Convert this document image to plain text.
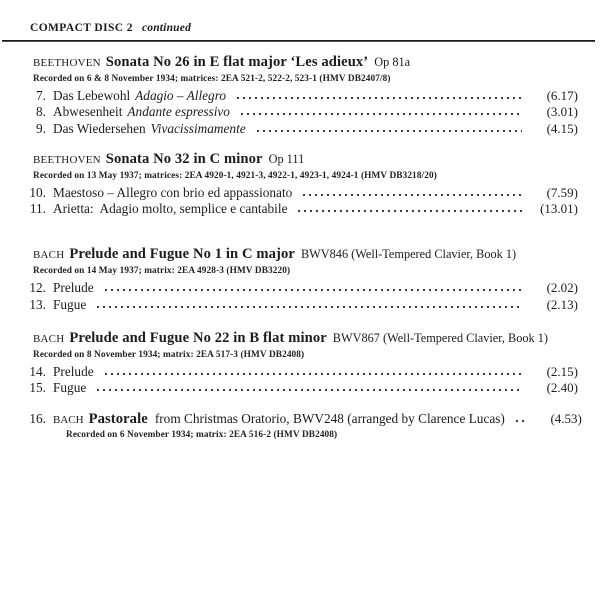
COMPACT DISC 2 continued
BEETHOVEN Sonata No 26 in E flat major ‘Les adieux’ Op 81a
Recorded on 6 & 8 November 1934; matrices: 2EA 521-2, 522-2, 523-1 (HMV DB2407/8)
7. Das Lebewohl Adagio – Allegro	(6.17)
8. Abwesenheit Andante espressivo	(3.01)
9. Das Wiedersehen Vivacissimamente	(4.15)
BEETHOVEN Sonata No 32 in C minor Op 111
Recorded on 13 May 1937; matrices: 2EA 4920-1, 4921-3, 4922-1, 4923-1, 4924-1 (HMV DB3218/20)
10. Maestoso – Allegro con brio ed appassionato	(7.59)
11. Arietta:  Adagio molto, semplice e cantabile	(13.01)
BACH Prelude and Fugue No 1 in C major BWV846 (Well-Tempered Clavier, Book 1)
Recorded on 14 May 1937; matrix: 2EA 4928-3 (HMV DB3220)
12. Prelude	(2.02)
13. Fugue	(2.13)
BACH Prelude and Fugue No 22 in B flat minor BWV867 (Well-Tempered Clavier, Book 1)
Recorded on 8 November 1934; matrix: 2EA 517-3 (HMV DB2408)
14. Prelude	(2.15)
15. Fugue	(2.40)
16. BACH Pastorale from Christmas Oratorio, BWV248 (arranged by Clarence Lucas)	(4.53)
Recorded on 6 November 1934; matrix: 2EA 516-2 (HMV DB2408)
